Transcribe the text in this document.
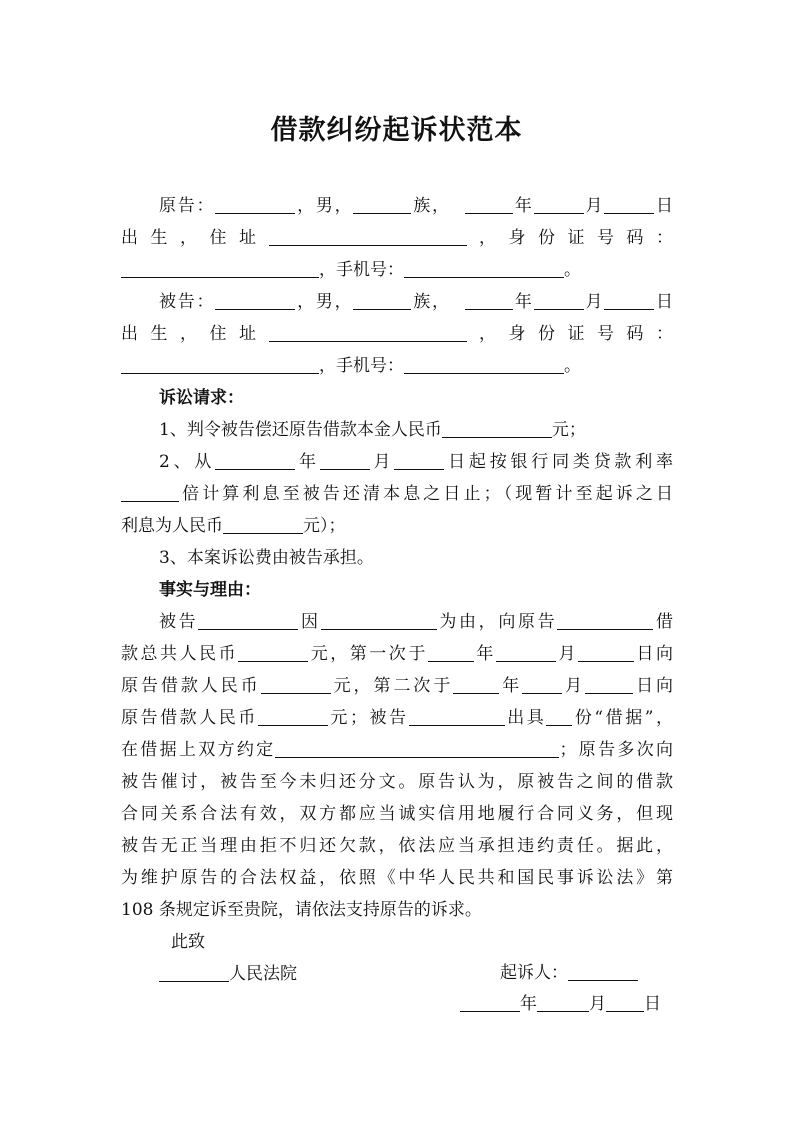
借款纠纷起诉状范本
原告：	，男，	族，	年	月	日
出生，住址	，身份证号码：
，手机号：	。
被告：	，男，	族，	年	月	日
出生，住址	，身份证号码：
，手机号：	。
诉讼请求：
1、判令被告偿还原告借款本金人民币	元；
2、从	年	月	日起按银行同类贷款利率
倍计算利息至被告还清本息之日止；（现暂计至起诉之日
利息为人民币	元）；
3、本案诉讼费由被告承担。
事实与理由：
被告	因	为由，向原告	借
款总共人民币	元，第一次于	年	月	日向
原告借款人民币	元，第二次于	年 月	日向
原告借款人民币	元；被告	出具 份“借据”，
在借据上双方约定	；原告多次向
被告催讨，被告至今未归还分文。原告认为，原被告之间的借款
合同关系合法有效，双方都应当诚实信用地履行合同义务，但现
被告无正当理由拒不归还欠款，依法应当承担违约责任。据此，
为维护原告的合法权益，依照《中华人民共和国民事诉讼法》第
108 条规定诉至贵院，请依法支持原告的诉求。
此致
人民法院	起诉人：
年	月 日
